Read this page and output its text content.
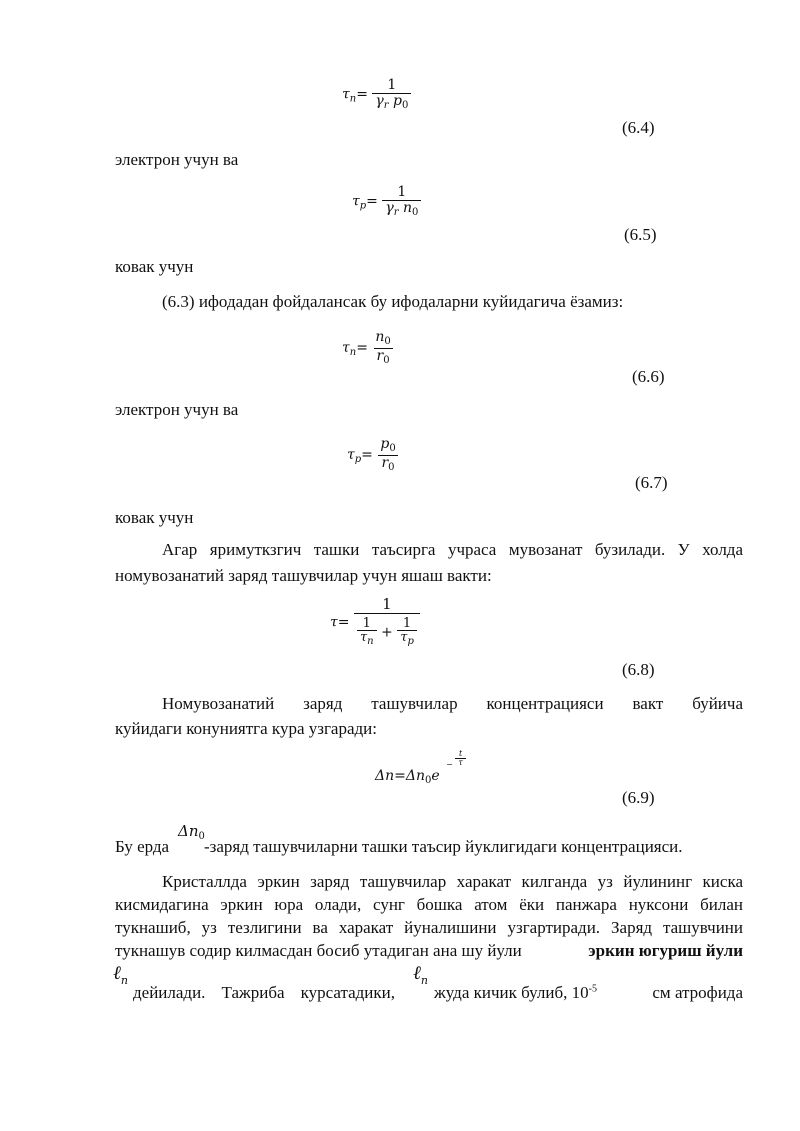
$\tau_n= \frac{1}{\gamma_r p_0}$
(6.4)
электрон учун ва
$\tau_p= \frac{1}{\gamma_r n_0}$
(6.5)
ковак учун
(6.3) ифодадан фойдалансак бу ифодаларни куйидагича ёзамиз:
$\tau_n= \frac{n_0}{r_0}$
(6.6)
электрон учун ва
$\tau_p= \frac{p_0}{r_0}$
(6.7)
ковак учун
Агар яримуткзгич ташки таъсирга учраса мувозанат бузилади. У холда
номувозанатий заряд ташувчилар учун яшаш вакти:
$\tau= \frac{1}{\frac{1}{\tau_n} + \frac{1}{\tau_p}}$
(6.8)
Номувозанатий заряд ташувчилар концентрацияси вакт буйича
куйидаги конуниятга кура узгаради:
$\Delta n=\Delta n_0e - \frac{t}{\tau}$
(6.9)
Бу ерда
$\Delta n_0$
-заряд ташувчиларни ташки таъсир йуклигидаги концентрацияси.
Кристаллда эркин заряд ташувчилар харакат килганда уз йулининг киска
кисмидагина эркин юра олади, сунг бошка атом ёки панжара нуксони билан
тукнашиб, уз тезлигини ва харакат йуналишини узгартиради. Заряд ташувчини
тукнашув содир килмасдан босиб утадиган ана шу йули	эркин югуриш йули
ℓ$_n$	ℓ$_n$
дейилади. Тажриба курсатадики, жуда кичик булиб, $10^{-5}$	см атрофида
